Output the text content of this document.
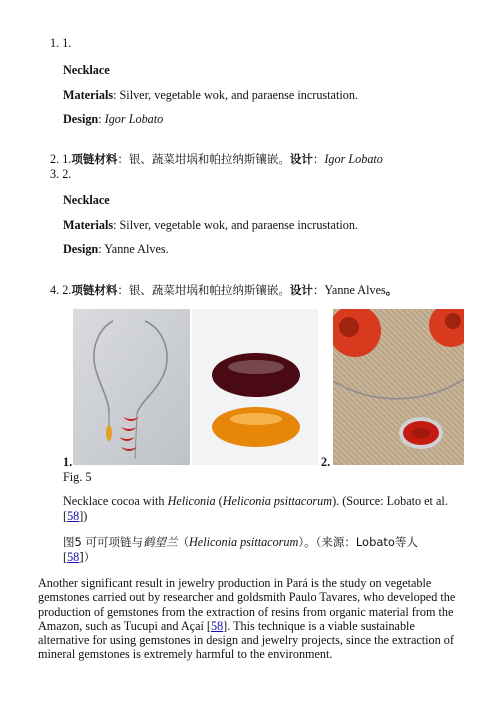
1. 1.
Necklace
Materials: Silver, vegetable wok, and paraense incrustation.
Design: Igor Lobato
2. 1.项链材料：银、蔬菜坩埚和帕拉纳斯镶嵌。设计：Igor Lobato
3. 2.
Necklace
Materials: Silver, vegetable wok, and paraense incrustation.
Design: Yanne Alves.
4. 2.项链材料：银、蔬菜坩埚和帕拉纳斯镶嵌。设计：Yanne Alves。
1.	2.
Fig. 5
Necklace cocoa with Heliconia (Heliconia psittacorum). (Source: Lobato et al.
[58])
图5 可可项链与鹤望兰（Heliconia psittacorum）。（来源：Lobato等人
[58]）
Another significant result in jewelry production in Pará is the study on vegetable gemstones carried out by researcher and goldsmith Paulo Tavares, who developed the production of gemstones from the extraction of resins from organic material from the Amazon, such as Tucupi and Açaí [58]. This technique is a viable sustainable alternative for using gemstones in design and jewelry projects, since the extraction of mineral gemstones is extremely harmful to the environment.
